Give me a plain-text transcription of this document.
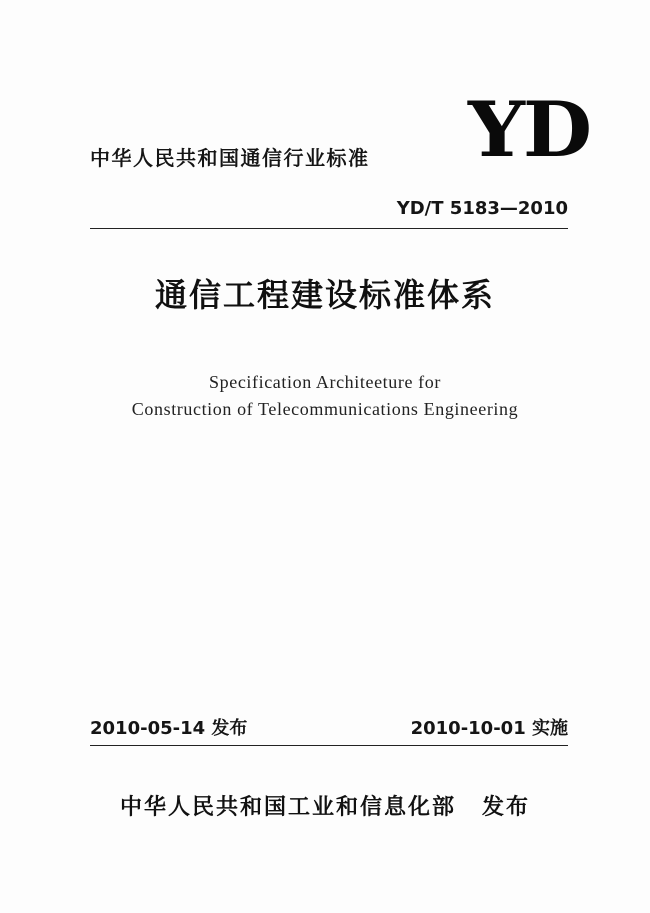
中华人民共和国通信行业标准 YD
YD/T 5183—2010
通信工程建设标准体系
Specification Architeeture for
Construction of Telecommunications Engineering
2010-05-14 发布	2010-10-01 实施
中华人民共和国工业和信息化部 发布
